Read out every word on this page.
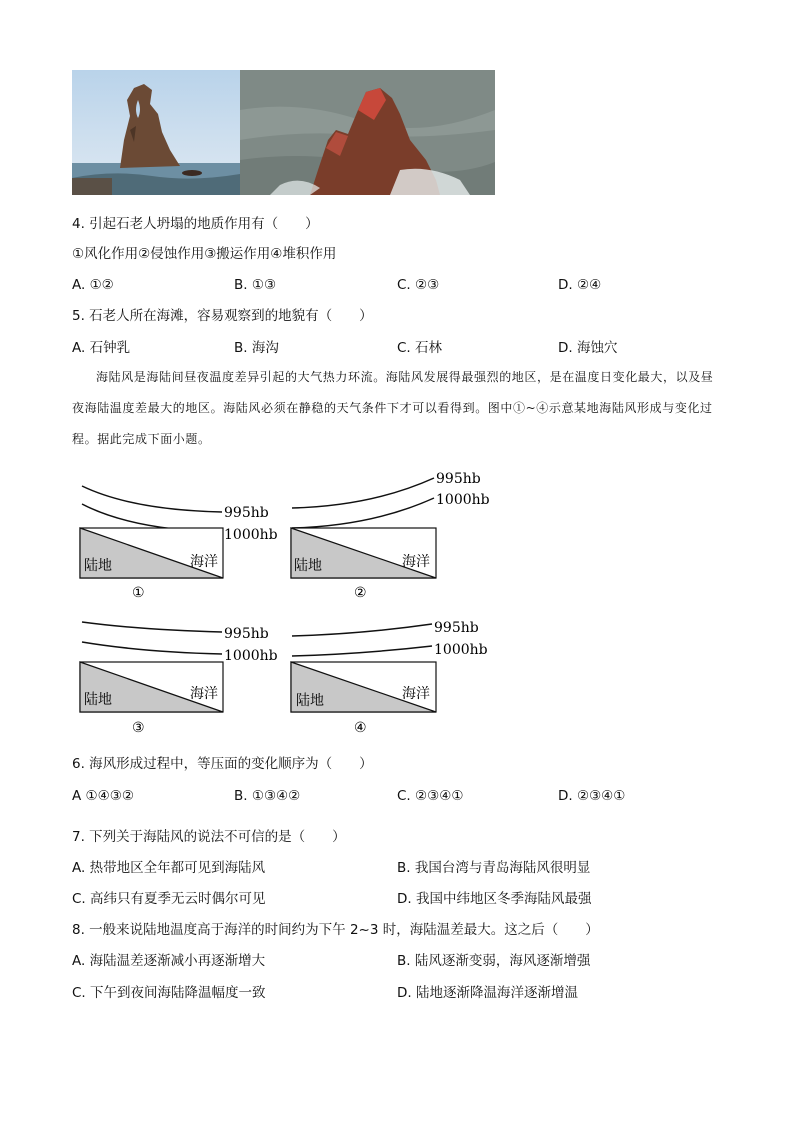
4. 引起石老人坍塌的地质作用有（　　）
①风化作用②侵蚀作用③搬运作用④堆积作用
A. ①②	B. ①③	C. ②③	D. ②④
5. 石老人所在海滩，容易观察到的地貌有（　　）
A. 石钟乳	B. 海沟	C. 石林	D. 海蚀穴
海陆风是海陆间昼夜温度差异引起的大气热力环流。海陆风发展得最强烈的地区，是在温度日变化最大，以及昼夜海陆温度差最大的地区。海陆风必须在静稳的天气条件下才可以看得到。图中①~④示意某地海陆风形成与变化过程。据此完成下面小题。
995hb
1000hb
陆地	海洋
①
995hb
1000hb
陆地	海洋
②
995hb
1000hb
陆地	海洋
③
995hb
1000hb
陆地	海洋
④
6. 海风形成过程中，等压面的变化顺序为（　　）
A ①④③②	B. ①③④②	C. ②③④①	D. ②③④①
7. 下列关于海陆风的说法不可信的是（　　）
A. 热带地区全年都可见到海陆风	B. 我国台湾与青岛海陆风很明显
C. 高纬只有夏季无云时偶尔可见	D. 我国中纬地区冬季海陆风最强
8. 一般来说陆地温度高于海洋的时间约为下午 2~3 时，海陆温差最大。这之后（　　）
A. 海陆温差逐渐减小再逐渐增大	B. 陆风逐渐变弱，海风逐渐增强
C. 下午到夜间海陆降温幅度一致	D. 陆地逐渐降温海洋逐渐增温
